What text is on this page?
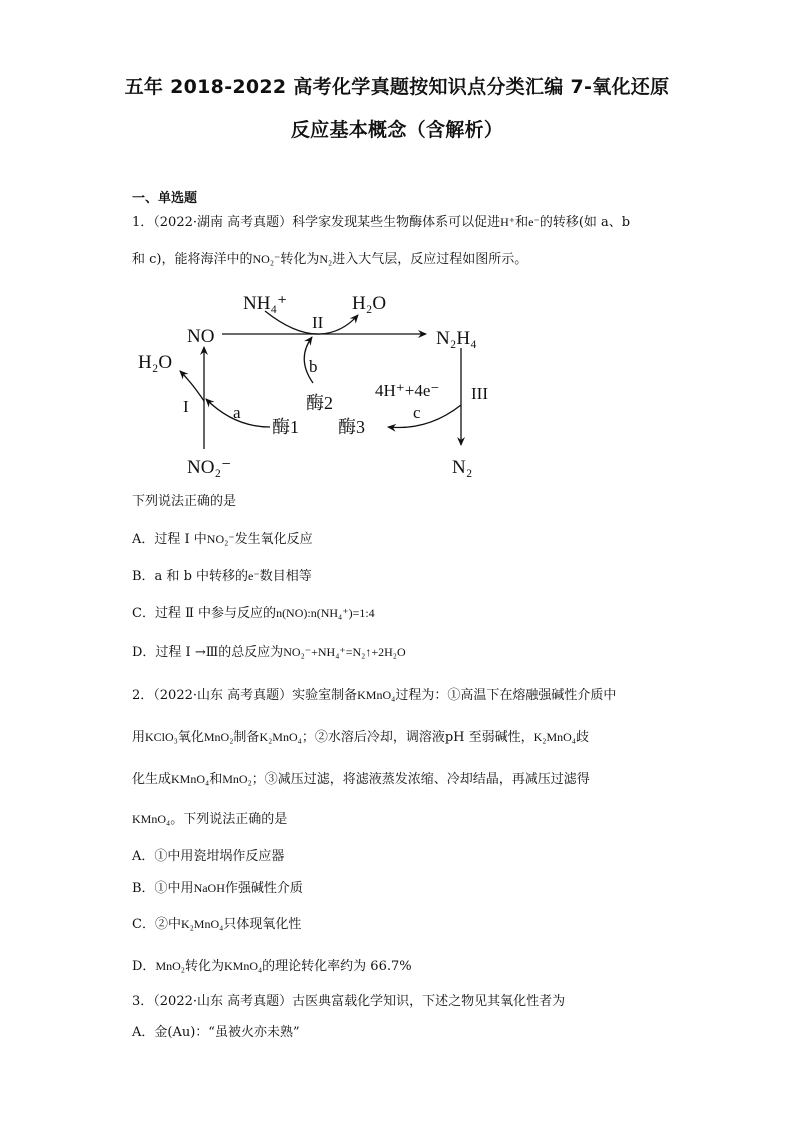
五年 2018-2022 高考化学真题按知识点分类汇编 7-氧化还原
反应基本概念（含解析）
一、单选题
1．（2022·湖南 高考真题）科学家发现某些生物酶体系可以促进H⁺和e⁻的转移(如 a、b
和 c)，能将海洋中的NO₂⁻转化为N₂进入大气层，反应过程如图所示。
NH₄⁺	H₂O
NO
II
N₂H₄
H₂O	b
4H⁺+4e⁻ III
I	a	酶2	c
酶1 酶3
NO₂⁻	N₂
下列说法正确的是
A．过程 Ⅰ 中NO₂⁻发生氧化反应
B．a 和 b 中转移的e⁻数目相等
C．过程 Ⅱ 中参与反应的n(NO):n(NH₄⁺)=1:4
D．过程 Ⅰ →Ⅲ的总反应为NO₂⁻+NH₄⁺=N₂↑+2H₂O
2．（2022·山东 高考真题）实验室制备KMnO₄过程为：①高温下在熔融强碱性介质中
用KClO₃氧化MnO₂制备K₂MnO₄；②水溶后冷却，调溶液pH 至弱碱性，K₂MnO₄歧
化生成KMnO₄和MnO₂；③减压过滤，将滤液蒸发浓缩、冷却结晶，再减压过滤得
KMnO₄。下列说法正确的是
A．①中用瓷坩埚作反应器
B．①中用NaOH作强碱性介质
C．②中K₂MnO₄只体现氧化性
D．MnO₂转化为KMnO₄的理论转化率约为 66.7%
3．（2022·山东 高考真题）古医典富载化学知识，下述之物见其氧化性者为
A．金(Au)：“虽被火亦未熟”
